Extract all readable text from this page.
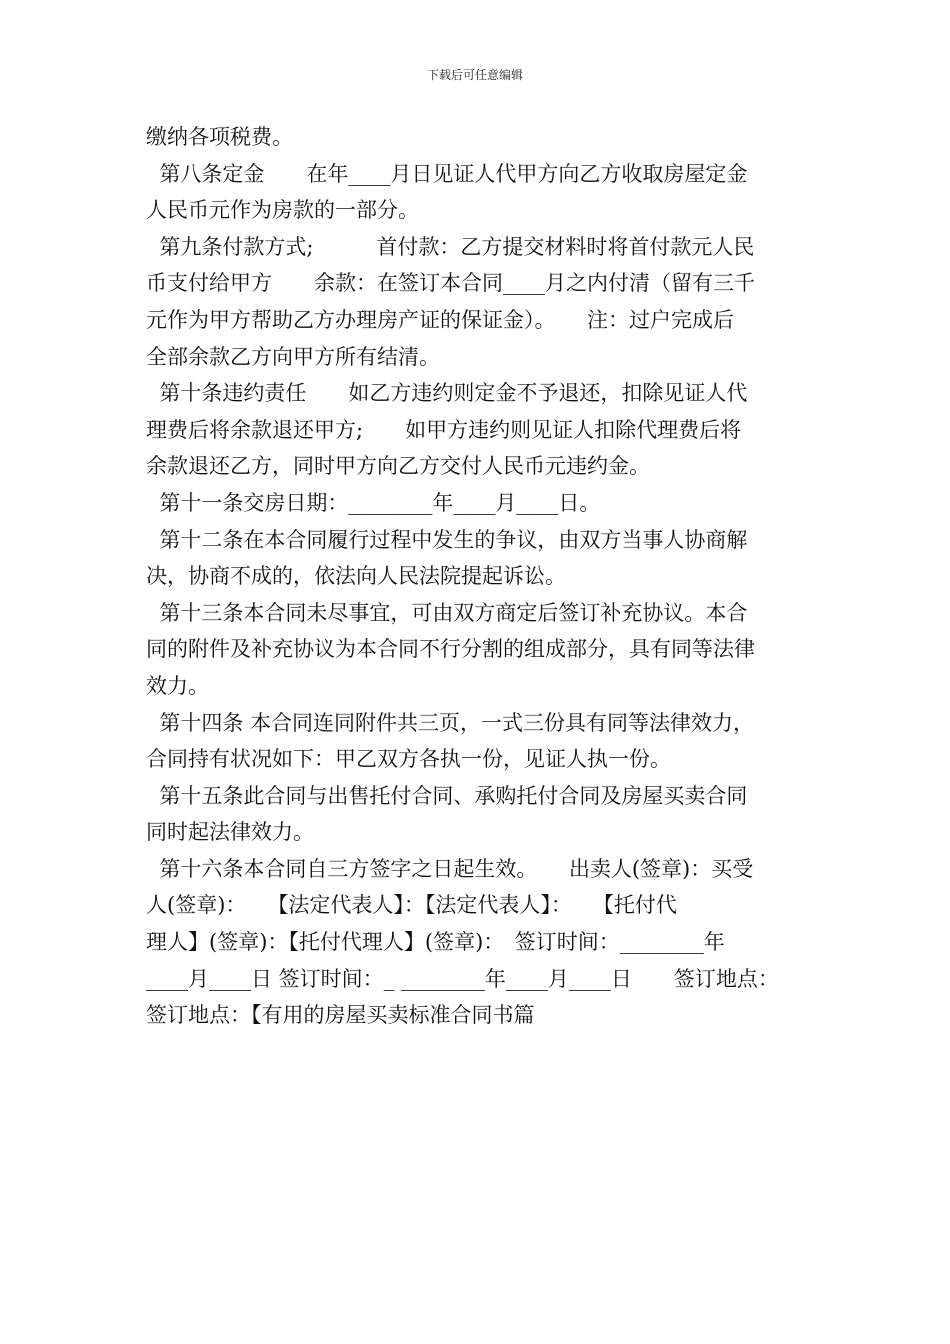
下载后可任意编辑
缴纳各项税费。
第八条定金　　在年____月日见证人代甲方向乙方收取房屋定金
人民币元作为房款的一部分。
第九条付款方式;　　　首付款：乙方提交材料时将首付款元人民
币支付给甲方　　余款：在签订本合同____月之内付清（留有三千
元作为甲方帮助乙方办理房产证的保证金）。　　注：过户完成后
全部余款乙方向甲方所有结清。
第十条违约责任　　如乙方违约则定金不予退还，扣除见证人代
理费后将余款退还甲方;　　如甲方违约则见证人扣除代理费后将
余款退还乙方，同时甲方向乙方交付人民币元违约金。
第十一条交房日期：________年____月____日。
第十二条在本合同履行过程中发生的争议，由双方当事人协商解
决，协商不成的，依法向人民法院提起诉讼。
第十三条本合同未尽事宜，可由双方商定后签订补充协议。本合
同的附件及补充协议为本合同不行分割的组成部分，具有同等法律
效力。
第十四条 本合同连同附件共三页，一式三份具有同等法律效力，
合同持有状况如下：甲乙双方各执一份，见证人执一份。
第十五条此合同与出售托付合同、承购托付合同及房屋买卖合同
同时起法律效力。
第十六条本合同自三方签字之日起生效。　　出卖人(签章)：买受
人(签章)：　　【法定代表人】：【法定代表人】：　　【托付代
理人】(签章)：【托付代理人】(签章)：　签订时间：________年
____月____日 签订时间：_ ________年____月____日　　签订地点：
签订地点：【有用的房屋买卖标准合同书篇
